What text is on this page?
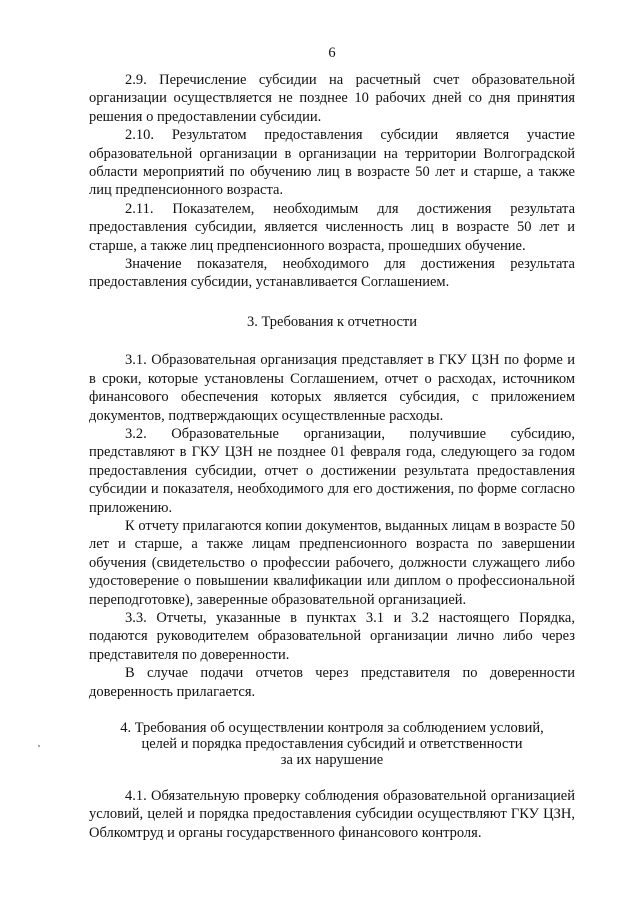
6

2.9. Перечисление субсидии на расчетный счет образовательной организации осуществляется не позднее 10 рабочих дней со дня принятия решения о предоставлении субсидии.

2.10. Результатом предоставления субсидии является участие образовательной организации в организации на территории Волгоградской области мероприятий по обучению лиц в возрасте 50 лет и старше, а также лиц предпенсионного возраста.

2.11. Показателем, необходимым для достижения результата предоставления субсидии, является численность лиц в возрасте 50 лет и старше, а также лиц предпенсионного возраста, прошедших обучение.

Значение показателя, необходимого для достижения результата предоставления субсидии, устанавливается Соглашением.

3. Требования к отчетности

3.1. Образовательная организация представляет в ГКУ ЦЗН по форме и в сроки, которые установлены Соглашением, отчет о расходах, источником финансового обеспечения которых является субсидия, с приложением документов, подтверждающих осуществленные расходы.

3.2. Образовательные организации, получившие субсидию, представляют в ГКУ ЦЗН не позднее 01 февраля года, следующего за годом предоставления субсидии, отчет о достижении результата предоставления субсидии и показателя, необходимого для его достижения, по форме согласно приложению.

К отчету прилагаются копии документов, выданных лицам в возрасте 50 лет и старше, а также лицам предпенсионного возраста по завершении обучения (свидетельство о профессии рабочего, должности служащего либо удостоверение о повышении квалификации или диплом о профессиональной переподготовке), заверенные образовательной организацией.

3.3. Отчеты, указанные в пунктах 3.1 и 3.2 настоящего Порядка, подаются руководителем образовательной организации лично либо через представителя по доверенности.

В случае подачи отчетов через представителя по доверенности доверенность прилагается.

4. Требования об осуществлении контроля за соблюдением условий,
целей и порядка предоставления субсидий и ответственности
за их нарушение

4.1. Обязательную проверку соблюдения образовательной организацией условий, целей и порядка предоставления субсидии осуществляют ГКУ ЦЗН, Облкомтруд и органы государственного финансового контроля.
